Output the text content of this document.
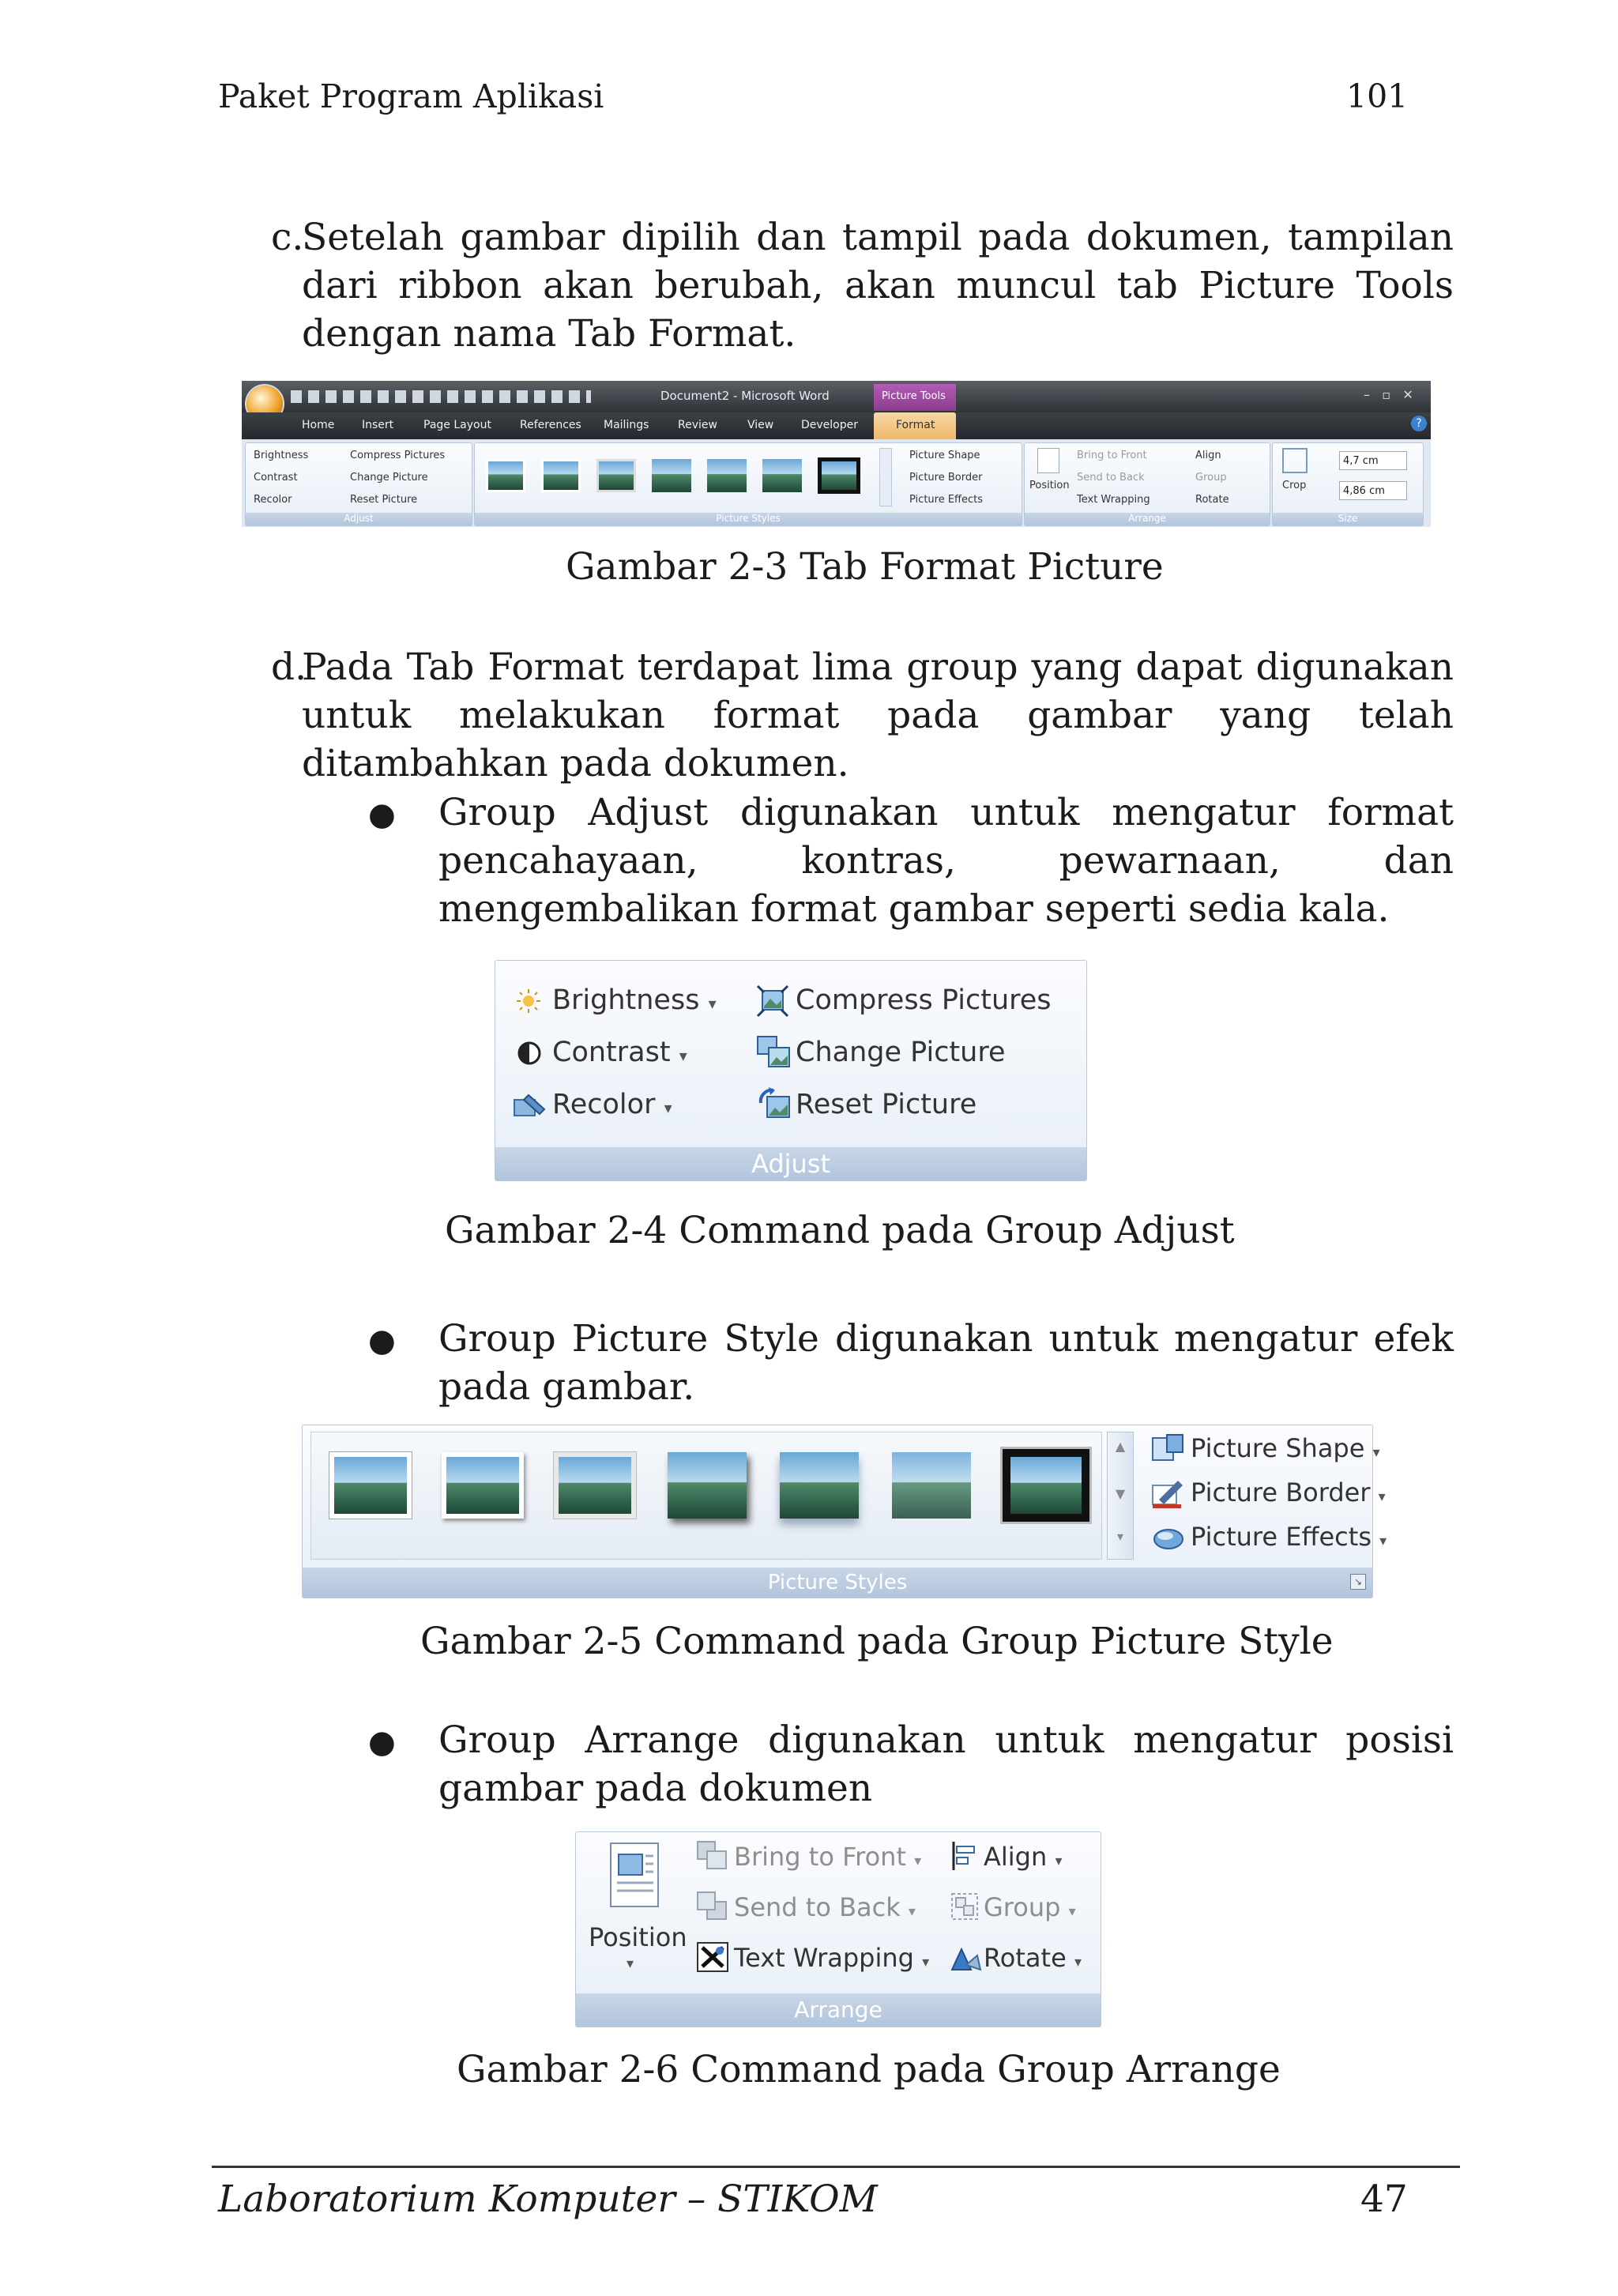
Paket Program Aplikasi	101
c.
Setelah gambar dipilih dan tampil pada dokumen, tampilan dari ribbon akan berubah, akan muncul tab Picture Tools dengan nama Tab Format.
Document2 - Microsoft Word	Picture Tools	–   ▫   ✕
Home Insert	Page Layout	References Mailings	Review	View Developer	Format	?
Brightness
Contrast
Recolor
Compress Pictures
Change Picture
Reset Picture
Adjust
Picture Shape
Picture Border
Picture Effects
Picture Styles
Position
Bring to Front
Send to Back
Text Wrapping
Align
Group
Rotate
Arrange
Crop
4,7 cm
4,86 cm
Size
Gambar 2-3 Tab Format Picture
d.
Pada Tab Format terdapat lima group yang dapat digunakan untuk melakukan format pada gambar yang telah ditambahkan pada dokumen.
● Group Adjust digunakan untuk mengatur format pencahayaan, kontras, pewarnaan, dan mengembalikan format gambar seperti sedia kala.
Brightness ▾
Contrast ▾
Recolor ▾
Compress Pictures
Change Picture
Reset Picture
Adjust
Gambar 2-4 Command pada Group Adjust
● Group Picture Style digunakan untuk mengatur efek pada gambar.
▲
▼
▾
Picture Shape ▾
Picture Border ▾
Picture Effects ▾
Picture Styles	↘
Gambar 2-5 Command pada Group Picture Style
● Group Arrange digunakan untuk mengatur posisi gambar pada dokumen
Position
▾
Bring to Front ▾
Send to Back ▾
Text Wrapping ▾
Align ▾
Group ▾
Rotate ▾
Arrange
Gambar 2-6 Command pada Group Arrange
Laboratorium Komputer – STIKOM	47
